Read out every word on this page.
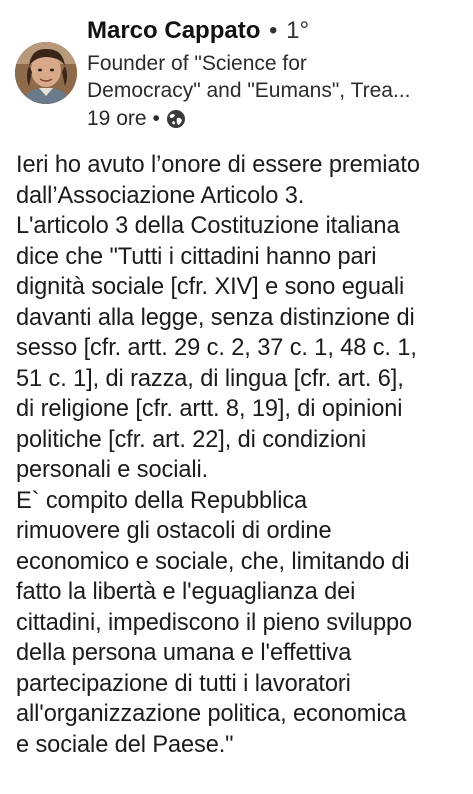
Marco Cappato • 1°
Founder of "Science for
Democracy" and "Eumans", Trea...
19 ore •
Ieri ho avuto l’onore di essere premiato
dall’Associazione Articolo 3.
L'articolo 3 della Costituzione italiana
dice che "Tutti i cittadini hanno pari
dignità sociale [cfr. XIV] e sono eguali
davanti alla legge, senza distinzione di
sesso [cfr. artt. 29 c. 2, 37 c. 1, 48 c. 1,
51 c. 1], di razza, di lingua [cfr. art. 6],
di religione [cfr. artt. 8, 19], di opinioni
politiche [cfr. art. 22], di condizioni
personali e sociali.
E` compito della Repubblica
rimuovere gli ostacoli di ordine
economico e sociale, che, limitando di
fatto la libertà e l'eguaglianza dei
cittadini, impediscono il pieno sviluppo
della persona umana e l'effettiva
partecipazione di tutti i lavoratori
all'organizzazione politica, economica
e sociale del Paese."
